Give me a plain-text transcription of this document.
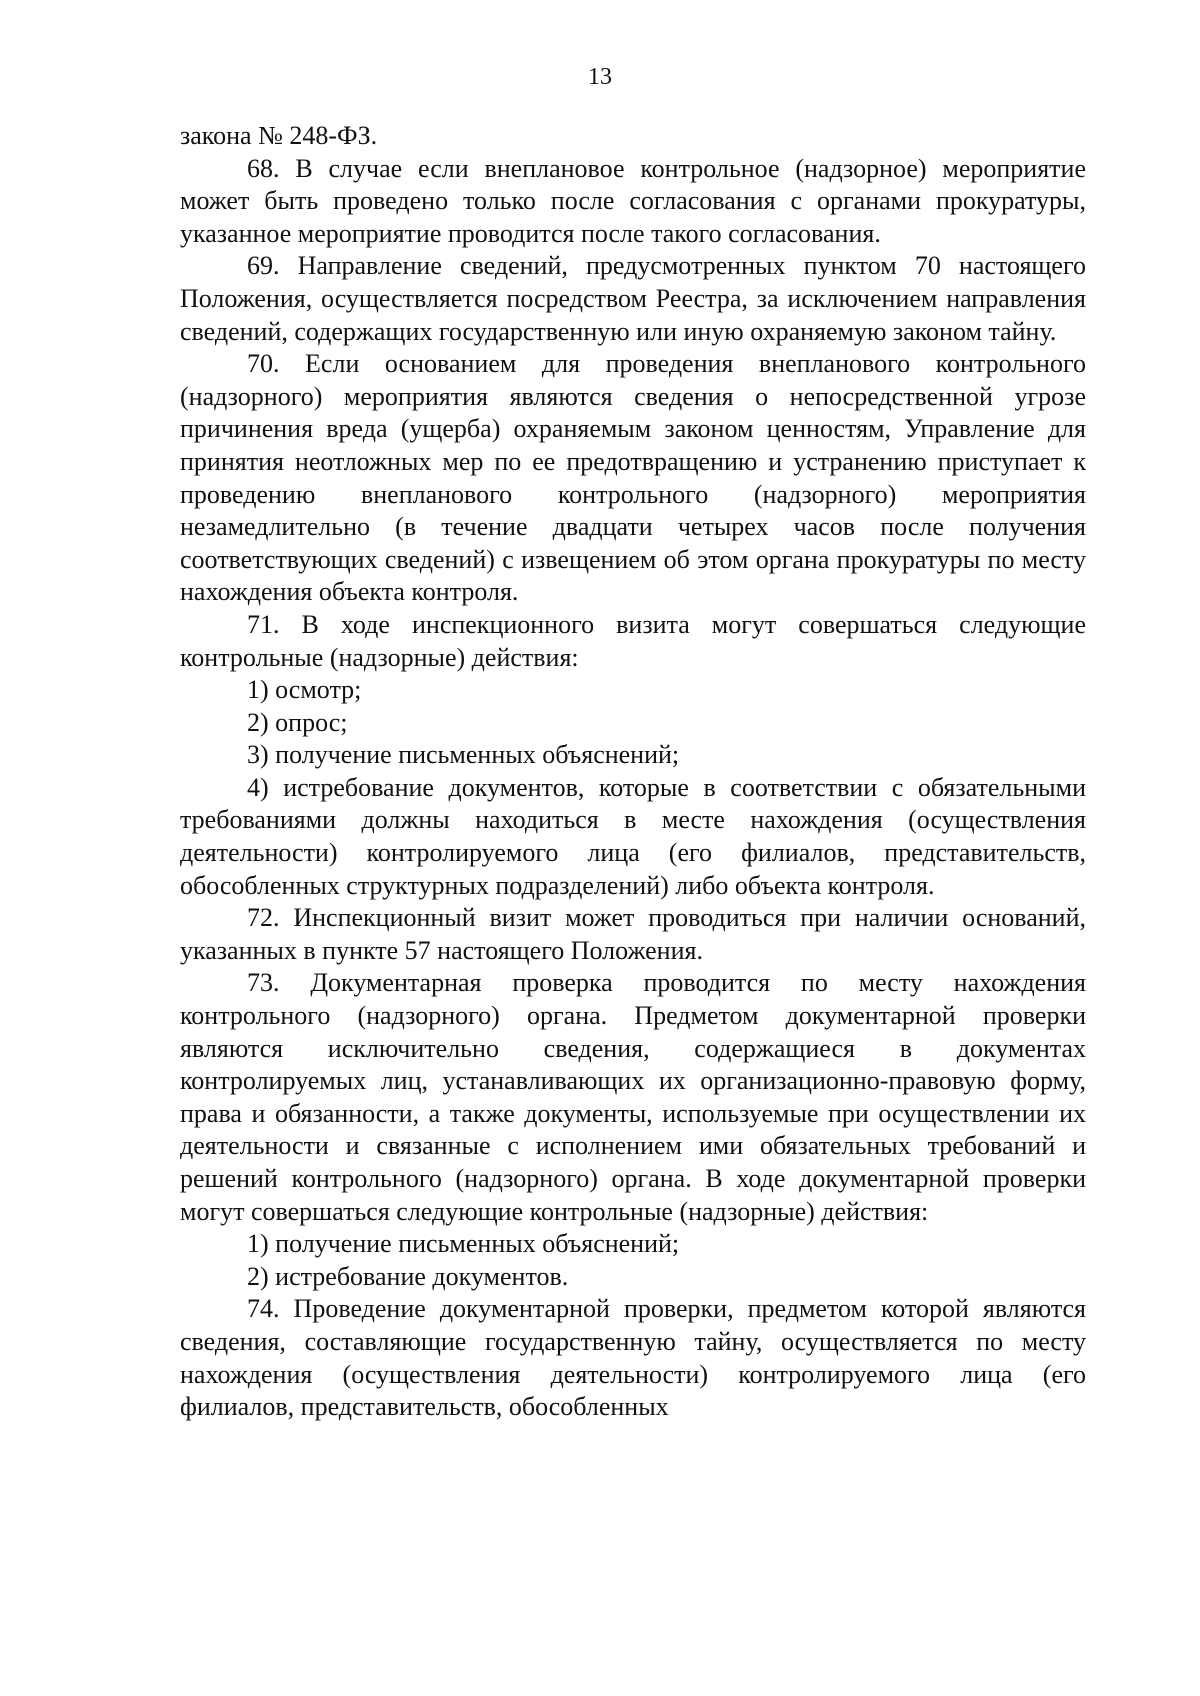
13

закона № 248-ФЗ.

68. В случае если внеплановое контрольное (надзорное) мероприятие может быть проведено только после согласования с органами прокуратуры, указанное мероприятие проводится после такого согласования.

69. Направление сведений, предусмотренных пунктом 70 настоящего Положения, осуществляется посредством Реестра, за исключением направления сведений, содержащих государственную или иную охраняемую законом тайну.

70. Если основанием для проведения внепланового контрольного (надзорного) мероприятия являются сведения о непосредственной угрозе причинения вреда (ущерба) охраняемым законом ценностям, Управление для принятия неотложных мер по ее предотвращению и устранению приступает к проведению внепланового контрольного (надзорного) мероприятия незамедлительно (в течение двадцати четырех часов после получения соответствующих сведений) с извещением об этом органа прокуратуры по месту нахождения объекта контроля.

71. В ходе инспекционного визита могут совершаться следующие контрольные (надзорные) действия:

1) осмотр;

2) опрос;

3) получение письменных объяснений;

4) истребование документов, которые в соответствии с обязательными требованиями должны находиться в месте нахождения (осуществления деятельности) контролируемого лица (его филиалов, представительств, обособленных структурных подразделений) либо объекта контроля.

72. Инспекционный визит может проводиться при наличии оснований, указанных в пункте 57 настоящего Положения.

73. Документарная проверка проводится по месту нахождения контрольного (надзорного) органа. Предметом документарной проверки являются исключительно сведения, содержащиеся в документах контролируемых лиц, устанавливающих их организационно-правовую форму, права и обязанности, а также документы, используемые при осуществлении их деятельности и связанные с исполнением ими обязательных требований и решений контрольного (надзорного) органа. В ходе документарной проверки могут совершаться следующие контрольные (надзорные) действия:

1) получение письменных объяснений;

2) истребование документов.

74. Проведение документарной проверки, предметом которой являются сведения, составляющие государственную тайну, осуществляется по месту нахождения (осуществления деятельности) контролируемого лица (его филиалов, представительств, обособленных
